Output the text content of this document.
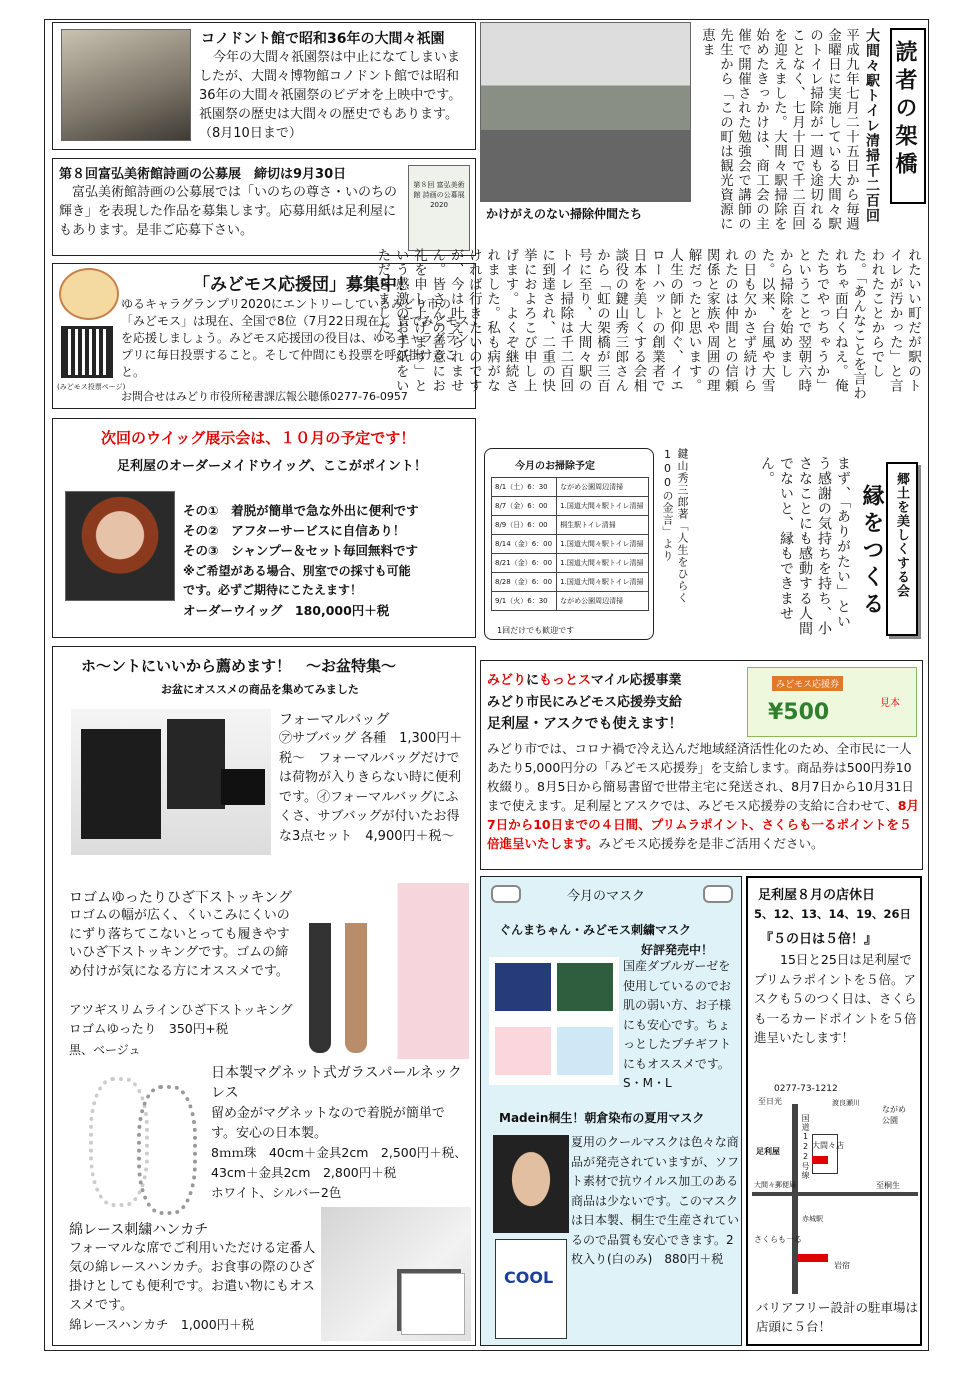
コノドント館で昭和36年の大間々祇園
今年の大間々祇園祭は中止になてしまいましたが、大間々博物館コノドント館では昭和36年の大間々祇園祭のビデオを上映中です。祇園祭の歴史は大間々の歴史でもあります。（8月10日まで）
第８回富弘美術館詩画の公募展　締切は9月30日
富弘美術館詩画の公募展では「いのちの尊さ・いのちの輝き」を表現した作品を募集します。応募用紙は足利屋にもあります。是非ご応募下さい。
第８回 富弘美術館 詩画の公募展 2020
「みどモス応援団」募集中！
(みどモス投票ページ)
ゆるキャラグランプリ2020にエントリーしているみどり市の「みどモス」は現在、全国で8位（7月22日現在）。皆でみどモスを応援しましょう。みどモス応援団の役目は、ゆるキャラグランプリに毎日投票すること。そして仲間にも投票を呼び掛けること。
お問合せはみどり市役所秘書課広報公聴係0277-76-0957
かけがえのない掃除仲間たち
読者の架橋
大間々駅トイレ清掃千二百回
平成九年七月二十五日から毎週金曜日に実施している大間々駅のトイレ掃除が一週も途切れることなく、七月十日で千二百回を迎えました。大間々駅掃除を始めたきっかけは、商工会の主催で開催された勉強会で講師の先生から「この町は観光資源に恵ま
れたいい町だが駅のトイレが汚かった」と言われたことからでした。「あんなことを言われちゃ面白くねえ。俺たちでやっちゃうか」ということで翌朝六時から掃除を始めました。以来、台風や大雪の日も欠かさず続けられたのは仲間との信頼関係と家族や周囲の理解だったと思います。人生の師と仰ぐ、イエローハットの創業者で日本を美しくする会相談役の鍵山秀三郎さんから「虹の架橋が三百号に至り、大間々駅のトイレ掃除は千二百回に到達され、二重の快挙におよろこび申し上げます。よくぞ継続されました。私も病がなければ行きたいのですが、今は叶えられません。皆さんの善意にお礼を申し上げます」という感激のお手紙をいただきました。
次回のウイッグ展示会は、１０月の予定です！
足利屋のオーダーメイドウイッグ、ここがポイント！
その①　着脱が簡単で急な外出に便利です
その②　アフターサービスに自信あり！
その③　シャンプー＆セット毎回無料です
※ご希望がある場合、別室での採寸も可能
です。必ずご期待にこたえます！
オーダーウイッグ　180,000円＋税
今月のお掃除予定
8/1（土）6：30	ながめ公園周辺清掃
8/7（金）6：00	1.国道大間々駅トイレ清掃
8/9（日）6：00	桐生駅トイレ清掃
8/14（金）6：00	1.国道大間々駅トイレ清掃
8/21（金）6：00	1.国道大間々駅トイレ清掃
8/28（金）6：00	1.国道大間々駅トイレ清掃
9/1（火）6：30	ながめ公園周辺清掃
1回だけでも歓迎です
鍵山秀三郎著「人生をひらく100の金言」より	郷土を美しくする会
縁をつくる
まず、「ありがたい」という感謝の気持ちを持ち、小さなことにも感動する人間でないと、縁もできません。
ホ〜ントにいいから薦めます！　〜お盆特集〜
お盆にオススメの商品を集めてみました
フォーマルバッグ
㋐サブバッグ 各種　1,300円＋税〜　フォーマルバッグだけでは荷物が入りきらない時に便利です。㋑フォーマルバッグにふくさ、サブバッグが付いたお得な3点セット　4,900円＋税〜
ロゴムゆったりひざ下ストッキング
ロゴムの幅が広く、くいこみにくいのにずり落ちてこないとっても履きやすいひざ下ストッキングです。ゴムの締め付けが気になる方にオススメです。
アツギスリムラインひざ下ストッキングロゴムゆったり　350円+税
黒、ベージュ
日本製マグネット式ガラスパールネックレス
留め金がマグネットなので着脱が簡単です。安心の日本製。
8ｍｍ珠　40cm＋金具2cm　2,500円＋税、　43cm＋金具2cm　2,800円＋税
ホワイト、シルバー2色
綿レース刺繍ハンカチ
フォーマルな席でご利用いただける定番人気の綿レースハンカチ。お食事の際のひざ掛けとしても便利です。お遣い物にもオススメです。
綿レースハンカチ　1,000円＋税
みどりにもっとスマイル応援事業
みどり市民にみどモス応援券支給
足利屋・アスクでも使えます！
みどモス応援券
¥500	見本
みどり市では、コロナ禍で冷え込んだ地域経済活性化のため、全市民に一人あたり5,000円分の「みどモス応援券」を支給します。商品券は500円券10枚綴り。8月5日から簡易書留で世帯主宅に発送され、8月7日から10月31日まで使えます。足利屋とアスクでは、みどモス応援券の支給に合わせて、8月7日から10日までの４日間、プリムラポイント、さくらも一るポイントを５倍進呈いたします。みどモス応援券を是非ご活用ください。
今月のマスク
ぐんまちゃん・みどモス刺繍マスク
好評発売中！
国産ダブルガーゼを使用しているのでお肌の弱い方、お子様にも安心です。ちょっとしたプチギフトにもオススメです。S・M・L
Madein桐生！朝倉染布の夏用マスク
COOL
夏用のクールマスクは色々な商品が発売されていますが、ソフト素材で抗ウイルス加工のある商品は少ないです。このマスクは日本製、桐生で生産されているので品質も安心できます。2枚入り(白のみ)　880円＋税
足利屋８月の店休日
5、12、13、14、19、26日
『５の日は５倍！』
15日と25日は足利屋でプリムラポイントを５倍。アスクも５のつく日は、さくらも一るカードポイントを５倍進呈いたします！
0277-73-1212
至日光
国道122号線 大間々店
足利屋
大間々郵便局
赤城駅
さくらも一る
岩宿
ながめ公園
至桐生
渡良瀬川
バリアフリー設計の駐車場は店頭に５台！
